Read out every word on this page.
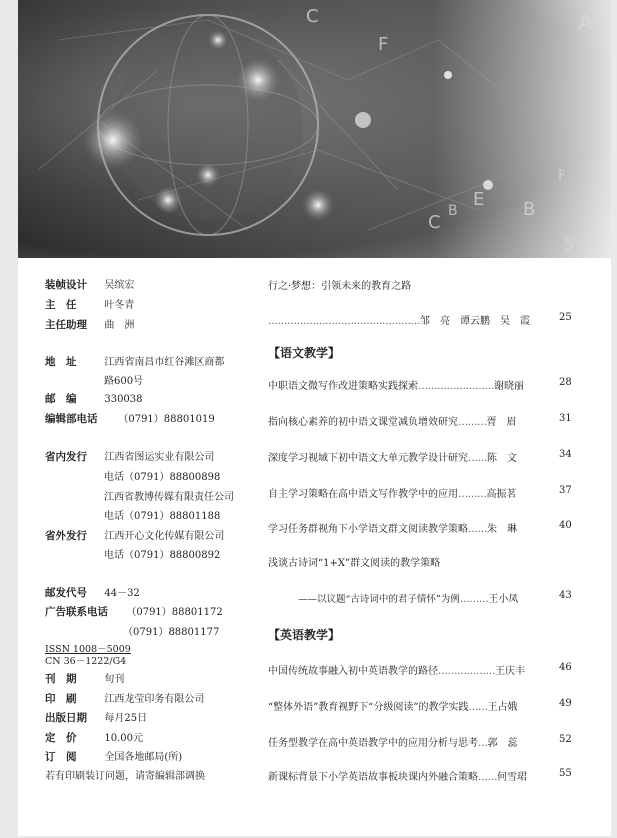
C
F
A
B
C
E
F
5
B
装帧设计 吴缤宏
主　任	叶冬青
主任助理 曲　洲
地　址	江西省南昌市红谷滩区商都
路600号
邮　编	330038
编辑部电话 （0791）88801019
省内发行 江西省图运实业有限公司
电话（0791）88800898
江西省教博传媒有限责任公司
电话（0791）88801188
省外发行 江西开心文化传媒有限公司
电话（0791）88800892
邮发代号 44－32
广告联系电话 （0791）88801172
（0791）88801177
ISSN 1008－5009
CN 36－1222/G4
刊　期	旬刊
印　刷	江西龙莹印务有限公司
出版日期 每月25日
定　价	10.00元
订　阅	全国各地邮局(所)
若有印刷装订问题，请寄编辑部调换
行之·梦想：引领未来的教育之路
…………………………………………邹　亮　谭云鹏　吴　霞	25
【语文教学】
中职语文微写作改进策略实践探索……………………谢晓丽	28
指向核心素养的初中语文课堂减负增效研究………胥　眉	31
深度学习视域下初中语文大单元教学设计研究……陈　文	34
自主学习策略在高中语文写作教学中的应用………高振茗	37
学习任务群视角下小学语文群文阅读教学策略……朱　琳	40
浅谈古诗词“1+X”群文阅读的教学策略
——以议题“古诗词中的君子情怀”为例………王小凤	43
【英语教学】
中国传统故事融入初中英语教学的路径………………王庆丰	46
“整体外语”教育视野下“分级阅读”的教学实践……王占娥	49
任务型教学在高中英语教学中的应用分析与思考…郭　蕊	52
新课标背景下小学英语故事板块课内外融合策略……何雪珺	55
